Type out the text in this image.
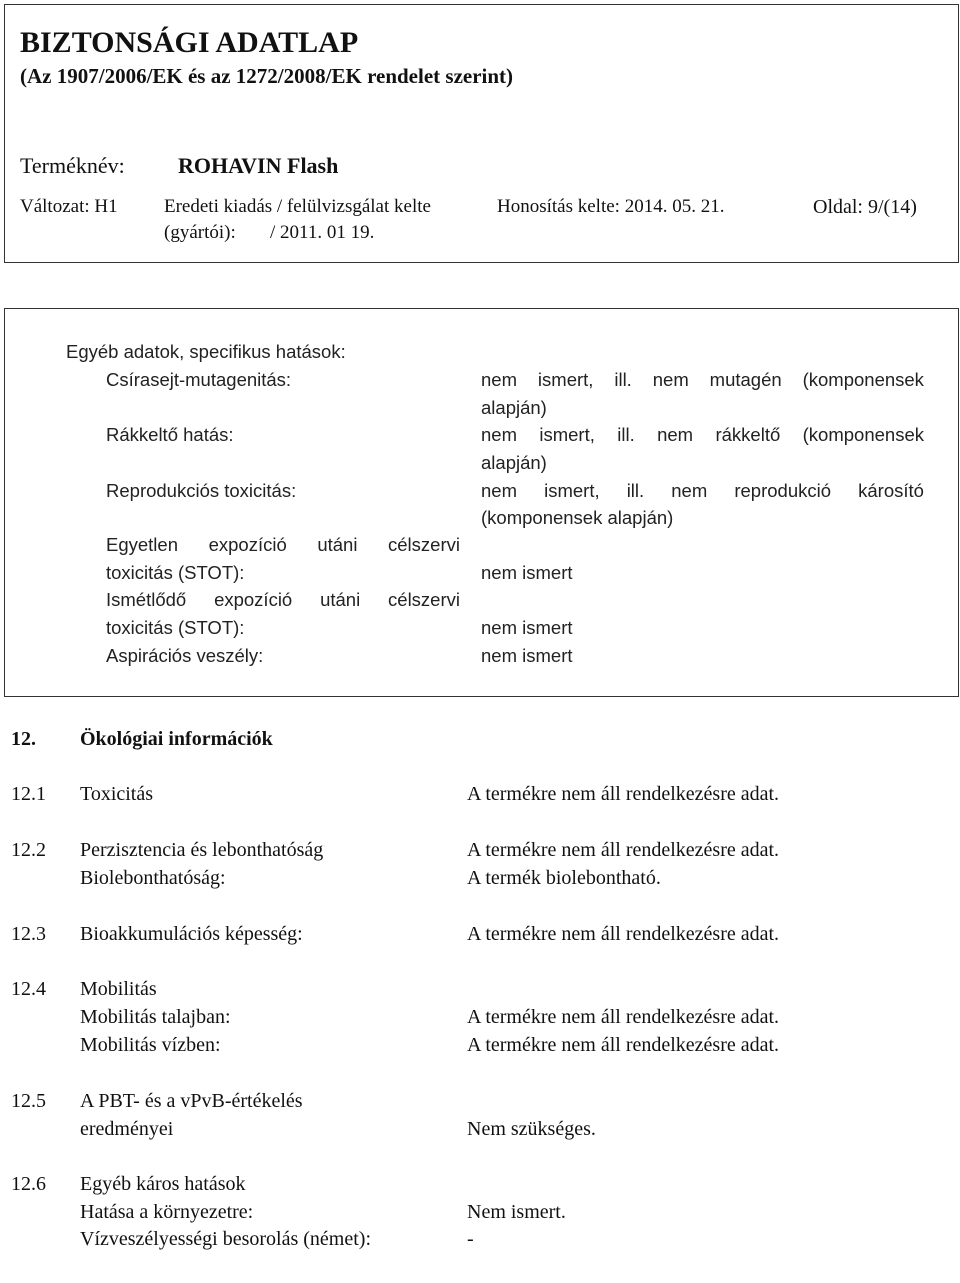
BIZTONSÁGI ADATLAP
(Az 1907/2006/EK és az 1272/2008/EK rendelet szerint)
Terméknév: ROHAVIN Flash
Változat: H1 Eredeti kiadás / felülvizsgálat kelte
(gyártói): / 2011. 01 19.
Honosítás kelte: 2014. 05. 21.	Oldal: 9/(14)
Egyéb adatok, specifikus hatások:
Csírasejt-mutagenitás:	nem ismert, ill. nem mutagén (komponensek
alapján)
Rákkeltő hatás:	nem ismert, ill. nem rákkeltő (komponensek
alapján)
Reprodukciós toxicitás:	nem ismert, ill. nem reprodukció károsító
(komponensek alapján)
Egyetlen expozíció utáni célszervi
toxicitás (STOT):	nem ismert
Ismétlődő expozíció utáni célszervi
toxicitás (STOT):	nem ismert
Aspirációs veszély:	nem ismert
12. Ökológiai információk
12.1 Toxicitás	A termékre nem áll rendelkezésre adat.
12.2 Perzisztencia és lebonthatóság	A termékre nem áll rendelkezésre adat.
Biolebonthatóság:	A termék biolebontható.
12.3 Bioakkumulációs képesség:	A termékre nem áll rendelkezésre adat.
12.4 Mobilitás
Mobilitás talajban:	A termékre nem áll rendelkezésre adat.
Mobilitás vízben:	A termékre nem áll rendelkezésre adat.
12.5 A PBT- és a vPvB-értékelés
eredményei	Nem szükséges.
12.6 Egyéb káros hatások
Hatása a környezetre:	Nem ismert.
Vízveszélyességi besorolás (német):	-
